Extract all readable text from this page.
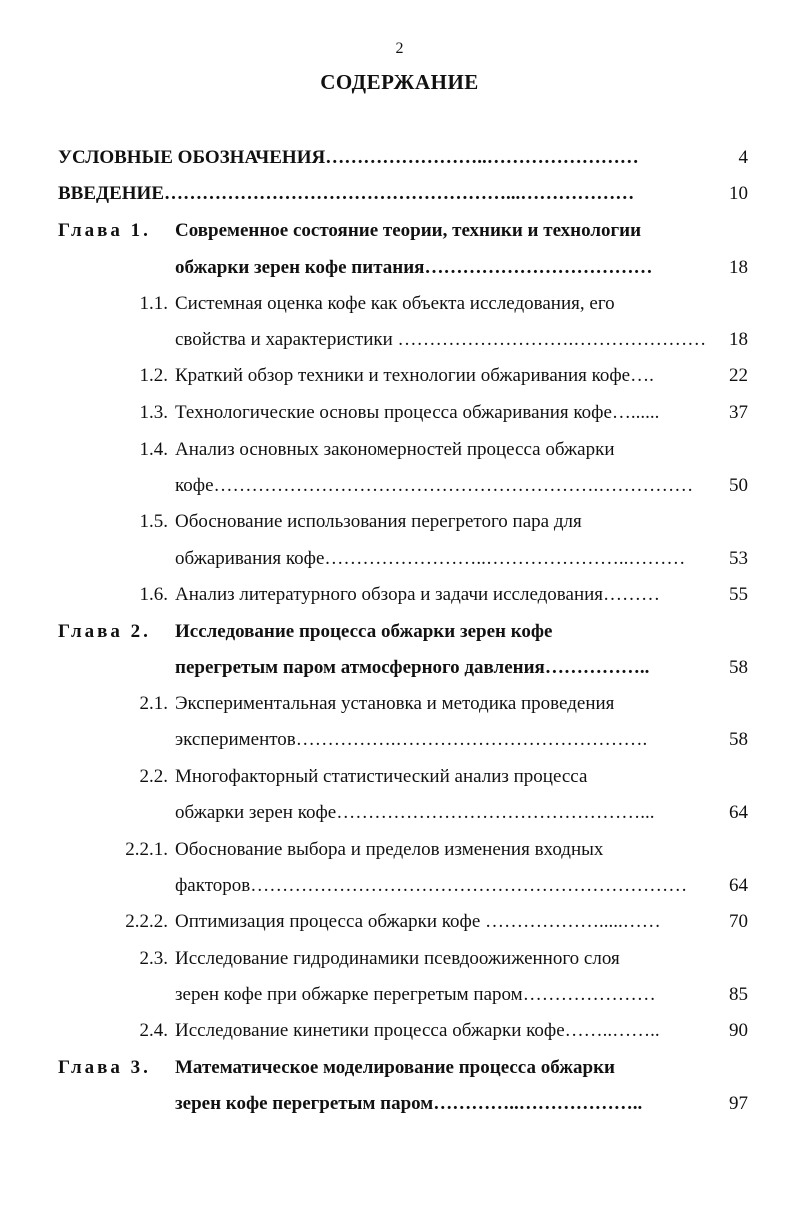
2
СОДЕРЖАНИЕ
УСЛОВНЫЕ ОБОЗНАЧЕНИЯ……………………..……………………	4
ВВЕДЕНИЕ………………………………………………...………………	10
Глава 1. Современное состояние теории, техники и технологии
обжарки зерен кофе питания………………………………	18
1.1. Системная оценка кофе как объекта исследования, его
свойства и характеристики ……………………….…………………	18
1.2. Краткий обзор техники и технологии обжаривания кофе….	22
1.3. Технологические основы процесса обжаривания кофе…......	37
1.4. Анализ основных закономерностей процесса обжарки
кофе…………………………………………………….……………	50
1.5. Обоснование использования перегретого пара для
обжаривания кофе……………………..…………………..………	53
1.6. Анализ литературного обзора и задачи исследования………	55
Глава 2. Исследование процесса обжарки зерен кофе
перегретым паром атмосферного давления……………..	58
2.1. Экспериментальная установка и методика проведения
экспериментов…………….………………………………….	58
2.2. Многофакторный статистический анализ процесса
обжарки зерен кофе…………………………………………...	64
2.2.1. Обоснование выбора и пределов изменения входных
факторов……………………………………………………………	64
2.2.2. Оптимизация процесса обжарки кофе ……………….....……	70
2.3. Исследование гидродинамики псевдоожиженного слоя
зерен кофе при обжарке перегретым паром…………………	85
2.4. Исследование кинетики процесса обжарки кофе……..……..	90
Глава 3. Математическое моделирование процесса обжарки
зерен кофе перегретым паром…………..………………..	97
